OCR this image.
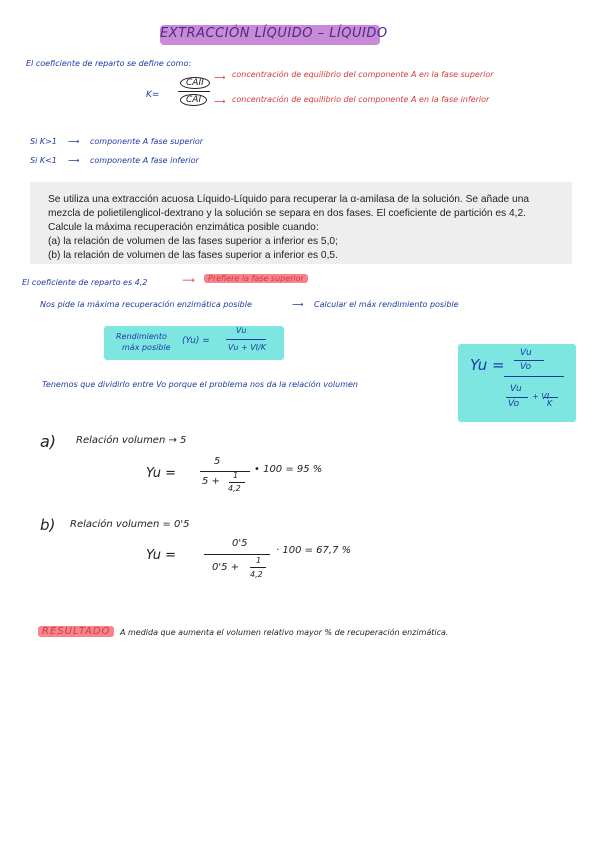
EXTRACCIÓN LÍQUIDO – LÍQUIDO
El coeficiente de reparto se define como:
K=
CAII
CAI
⟶ concentración de equilibrio del componente A en la fase superior
⟶ concentración de equilibrio del componente A en la fase inferior
Si K>1 ⟶ componente A fase superior
Si K<1 ⟶ componente A fase inferior
Se utiliza una extracción acuosa Líquido-Líquido para recuperar la α-amilasa de la solución. Se añade una
mezcla de polietilenglicol-dextrano y la solución se separa en dos fases. El coeficiente de partición es 4,2.
Calcule la máxima recuperación enzimática posible cuando:
(a) la relación de volumen de las fases superior a inferior es 5,0;
(b) la relación de volumen de las fases superior a inferior es 0,5.
El coeficiente de reparto es 4,2	⟶	Prefiere la fase superior
Nos pide la máxima recuperación enzimática posible	⟶ Calcular el máx rendimiento posible
Rendimiento
máx posible
(Yu) =
Vu
Vu + VI/K
Yu =
Vu
Vo
Vu
Vo
+ VI
K
Tenemos que dividirlo entre Vo porque el problema nos da la relación volumen
a) Relación volumen → 5
Yu =
5
5 +
1
4,2
• 100 = 95 %
b) Relación volumen = 0'5
Yu =
0'5
0'5 +
1
4,2
· 100 = 67,7 %
RESULTADO	A medida que aumenta el volumen relativo mayor % de recuperación enzimática.
